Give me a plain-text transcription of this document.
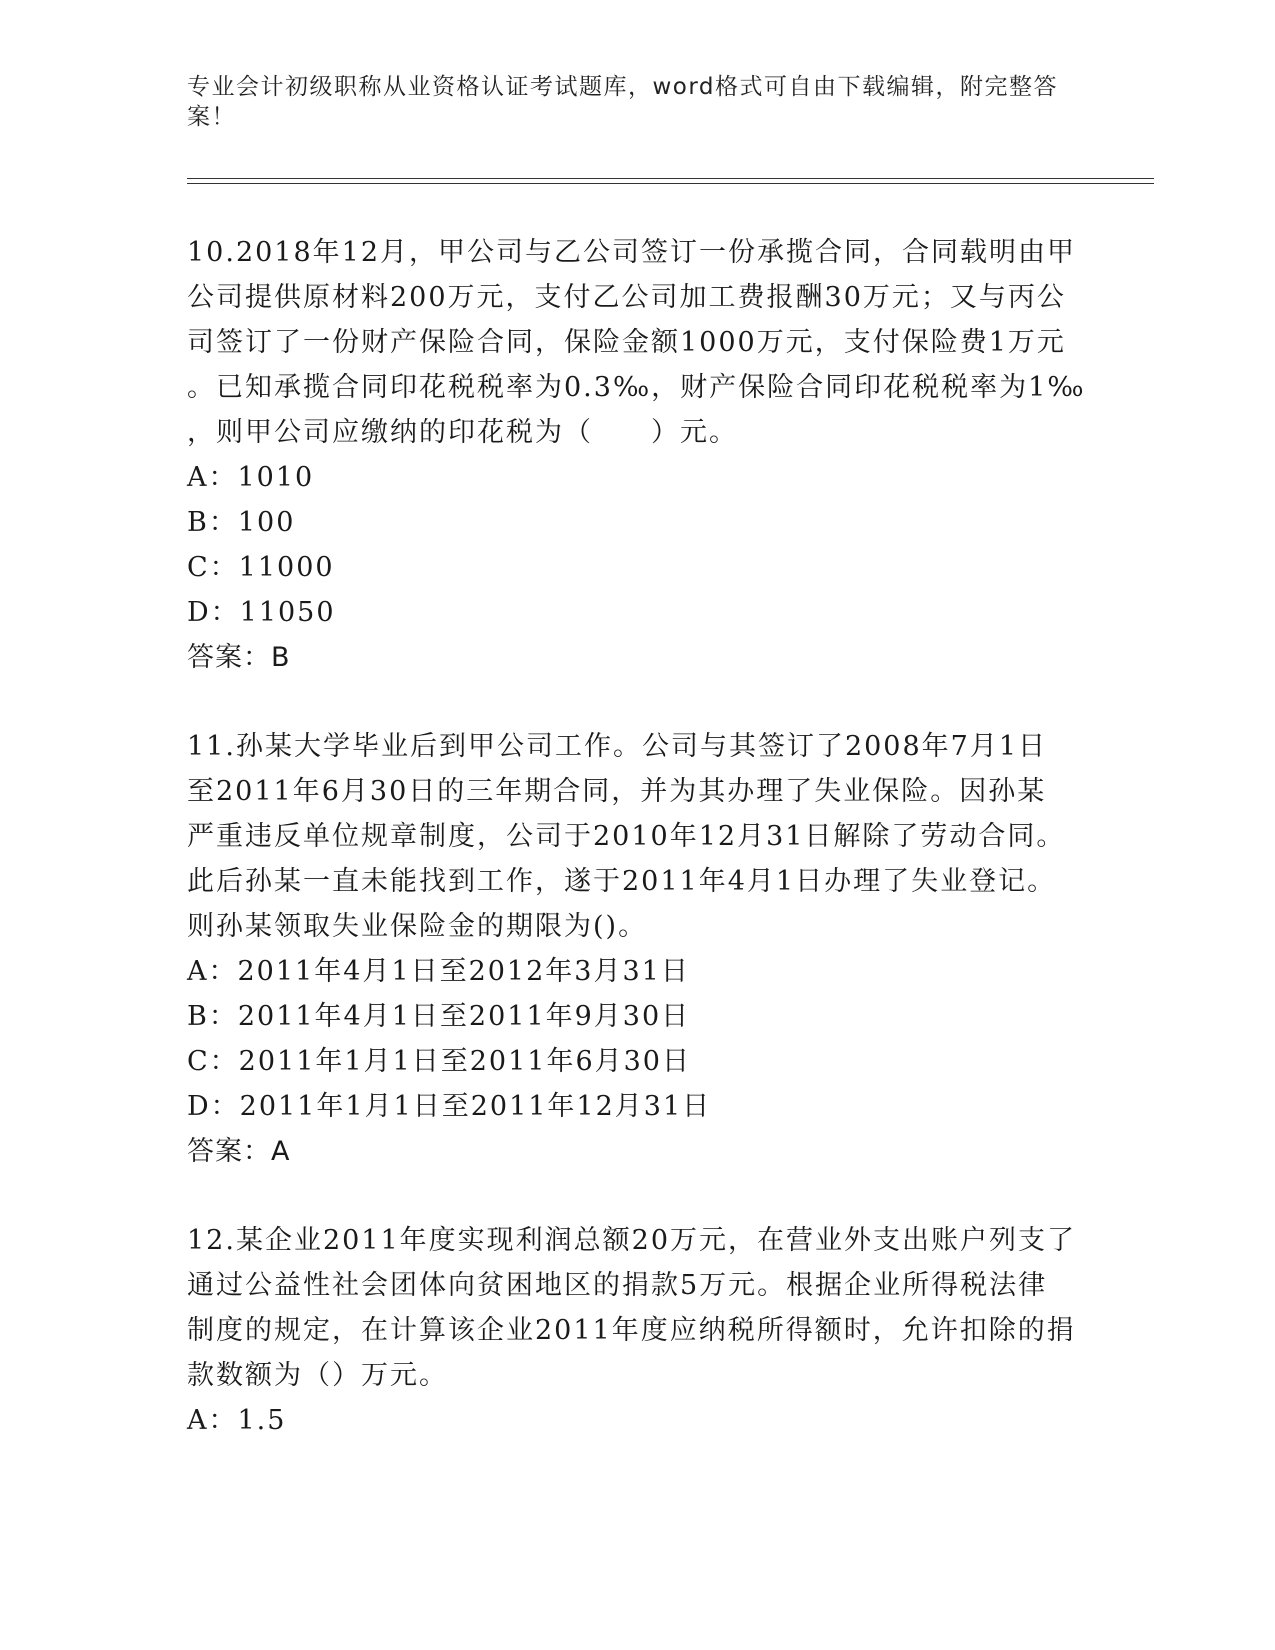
专业会计初级职称从业资格认证考试题库，word格式可自由下载编辑，附完整答
案！
10.2018年12月，甲公司与乙公司签订一份承揽合同，合同载明由甲
公司提供原材料200万元，支付乙公司加工费报酬30万元；又与丙公
司签订了一份财产保险合同，保险金额1000万元，支付保险费1万元
。已知承揽合同印花税税率为0.3‰，财产保险合同印花税税率为1‰
，则甲公司应缴纳的印花税为（　　）元。
A：1010
B：100
C：11000
D：11050
答案：B
11.孙某大学毕业后到甲公司工作。公司与其签订了2008年7月1日
至2011年6月30日的三年期合同，并为其办理了失业保险。因孙某
严重违反单位规章制度，公司于2010年12月31日解除了劳动合同。
此后孙某一直未能找到工作，遂于2011年4月1日办理了失业登记。
则孙某领取失业保险金的期限为()。
A：2011年4月1日至2012年3月31日
B：2011年4月1日至2011年9月30日
C：2011年1月1日至2011年6月30日
D：2011年1月1日至2011年12月31日
答案：A
12.某企业2011年度实现利润总额20万元，在营业外支出账户列支了
通过公益性社会团体向贫困地区的捐款5万元。根据企业所得税法律
制度的规定，在计算该企业2011年度应纳税所得额时，允许扣除的捐
款数额为（）万元。
A：1.5
